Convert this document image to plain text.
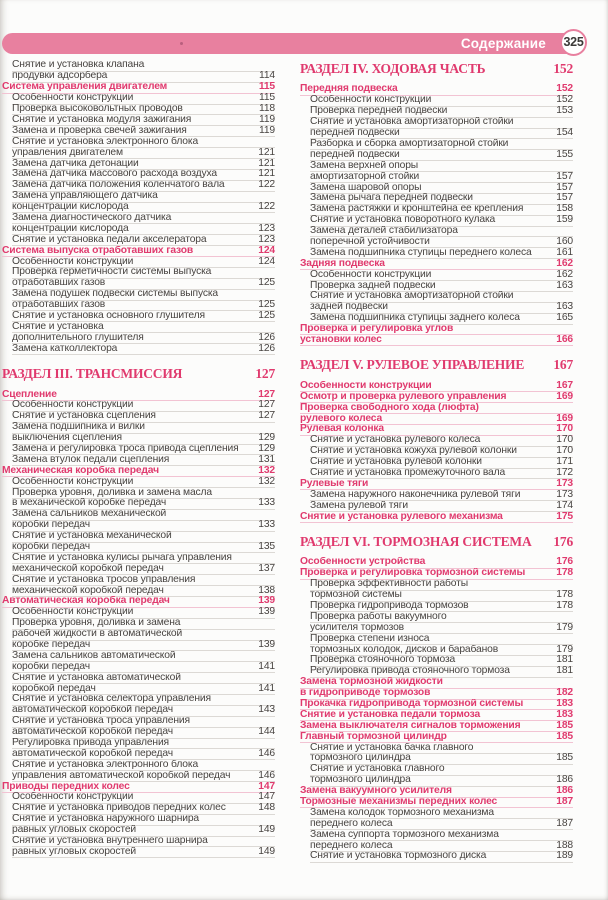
Содержание 325
Снятие и установка клапана
продувки адсорбера	114
Система управления двигателем	115
Особенности конструкции	115
Проверка высоковольтных проводов	118
Снятие и установка модуля зажигания	119
Замена и проверка свечей зажигания	119
Снятие и установка электронного блока
управления двигателем	121
Замена датчика детонации	121
Замена датчика массового расхода воздуха	121
Замена датчика положения коленчатого вала	122
Замена управляющего датчика
концентрации кислорода	122
Замена диагностического датчика
концентрации кислорода	123
Снятие и установка педали акселератора	123
Система выпуска отработавших газов	124
Особенности конструкции	124
Проверка герметичности системы выпуска
отработавших газов	125
Замена подушек подвески системы выпуска
отработавших газов	125
Снятие и установка основного глушителя	125
Снятие и установка
дополнительного глушителя	126
Замена катколлектора	126
РАЗДЕЛ III. ТРАНСМИССИЯ	127
Сцепление	127
Особенности конструкции	127
Снятие и установка сцепления	127
Замена подшипника и вилки
выключения сцепления	129
Замена и регулировка троса привода сцепления	129
Замена втулок педали сцепления	131
Механическая коробка передач	132
Особенности конструкции	132
Проверка уровня, доливка и замена масла
в механической коробке передач	133
Замена сальников механической
коробки передач	133
Снятие и установка механической
коробки передач	135
Снятие и установка кулисы рычага управления
механической коробкой передач	137
Снятие и установка тросов управления
механической коробкой передач	138
Автоматическая коробка передач	139
Особенности конструкции	139
Проверка уровня, доливка и замена
рабочей жидкости в автоматической
коробке передач	139
Замена сальников автоматической
коробки передач	141
Снятие и установка автоматической
коробкой передач	141
Снятие и установка селектора управления
автоматической коробкой передач	143
Снятие и установка троса управления
автоматической коробкой передач	144
Регулировка привода управления
автоматической коробкой передач	146
Снятие и установка электронного блока
управления автоматической коробкой передач	146
Приводы передних колес	147
Особенности конструкции	147
Снятие и установка приводов передних колес	148
Снятие и установка наружного шарнира
равных угловых скоростей	149
Снятие и установка внутреннего шарнира
равных угловых скоростей	149
РАЗДЕЛ IV. ХОДОВАЯ ЧАСТЬ	152
Передняя подвеска	152
Особенности конструкции	152
Проверка передней подвески	153
Снятие и установка амортизаторной стойки
передней подвески	154
Разборка и сборка амортизаторной стойки
передней подвески	155
Замена верхней опоры
амортизаторной стойки	157
Замена шаровой опоры	157
Замена рычага передней подвески	157
Замена растяжки и кронштейна ее крепления	158
Снятие и установка поворотного кулака	159
Замена деталей стабилизатора
поперечной устойчивости	160
Замена подшипника ступицы переднего колеса	161
Задняя подвеска	162
Особенности конструкции	162
Проверка задней подвески	163
Снятие и установка амортизаторной стойки
задней подвески	163
Замена подшипника ступицы заднего колеса	165
Проверка и регулировка углов
установки колес	166
РАЗДЕЛ V. РУЛЕВОЕ УПРАВЛЕНИЕ	167
Особенности конструкции	167
Осмотр и проверка рулевого управления	169
Проверка свободного хода (люфта)
рулевого колеса	169
Рулевая колонка	170
Снятие и установка рулевого колеса	170
Снятие и установка кожуха рулевой колонки	170
Снятие и установка рулевой колонки	171
Снятие и установка промежуточного вала	172
Рулевые тяги	173
Замена наружного наконечника рулевой тяги	173
Замена рулевой тяги	174
Снятие и установка рулевого механизма	175
РАЗДЕЛ VI. ТОРМОЗНАЯ СИСТЕМА	176
Особенности устройства	176
Проверка и регулировка тормозной системы	178
Проверка эффективности работы
тормозной системы	178
Проверка гидропривода тормозов	178
Проверка работы вакуумного
усилителя тормозов	179
Проверка степени износа
тормозных колодок, дисков и барабанов	179
Проверка стояночного тормоза	181
Регулировка привода стояночного тормоза	181
Замена тормозной жидкости
в гидроприводе тормозов	182
Прокачка гидропривода тормозной системы	183
Снятие и установка педали тормоза	183
Замена выключателя сигналов торможения	185
Главный тормозной цилиндр	185
Снятие и установка бачка главного
тормозного цилиндра	185
Снятие и установка главного
тормозного цилиндра	186
Замена вакуумного усилителя	186
Тормозные механизмы передних колес	187
Замена колодок тормозного механизма
переднего колеса	187
Замена суппорта тормозного механизма
переднего колеса	188
Снятие и установка тормозного диска	189
